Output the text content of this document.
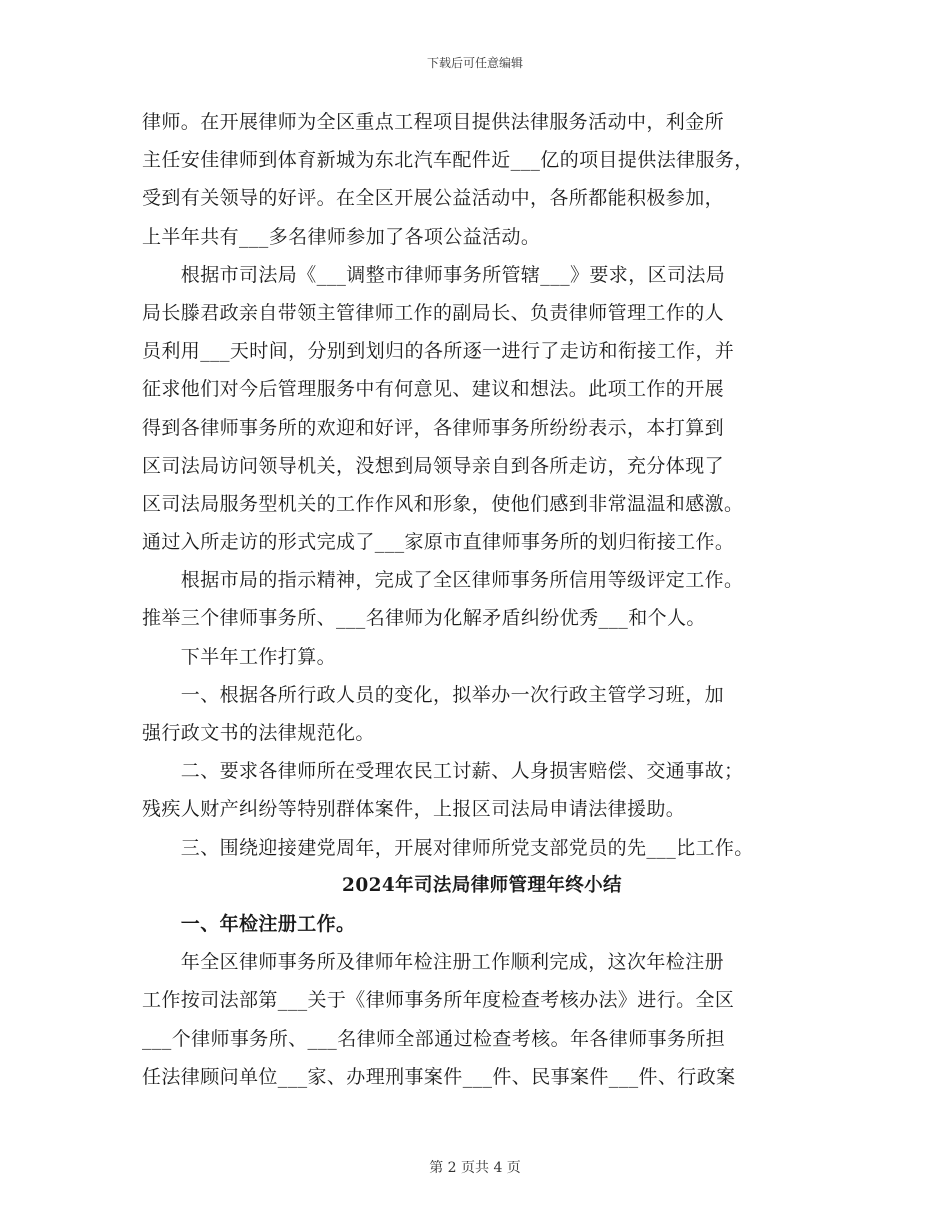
下载后可任意编辑
律师。在开展律师为全区重点工程项目提供法律服务活动中，利金所
主任安佳律师到体育新城为东北汽车配件近___亿的项目提供法律服务，
受到有关领导的好评。在全区开展公益活动中，各所都能积极参加，
上半年共有___多名律师参加了各项公益活动。
　　根据市司法局《___调整市律师事务所管辖___》要求，区司法局
局长滕君政亲自带领主管律师工作的副局长、负责律师管理工作的人
员利用___天时间，分别到划归的各所逐一进行了走访和衔接工作，并
征求他们对今后管理服务中有何意见、建议和想法。此项工作的开展
得到各律师事务所的欢迎和好评，各律师事务所纷纷表示，本打算到
区司法局访问领导机关，没想到局领导亲自到各所走访，充分体现了
区司法局服务型机关的工作作风和形象，使他们感到非常温温和感激。
通过入所走访的形式完成了___家原市直律师事务所的划归衔接工作。
　　根据市局的指示精神，完成了全区律师事务所信用等级评定工作。
推举三个律师事务所、___名律师为化解矛盾纠纷优秀___和个人。
　　下半年工作打算。
　　一、根据各所行政人员的变化，拟举办一次行政主管学习班，加
强行政文书的法律规范化。
　　二、要求各律师所在受理农民工讨薪、人身损害赔偿、交通事故；
残疾人财产纠纷等特别群体案件，上报区司法局申请法律援助。
　　三、围绕迎接建党周年，开展对律师所党支部党员的先___比工作。
2024年司法局律师管理年终小结
　　一、年检注册工作。
　　年全区律师事务所及律师年检注册工作顺利完成，这次年检注册
工作按司法部第___关于《律师事务所年度检查考核办法》进行。全区
___个律师事务所、___名律师全部通过检查考核。年各律师事务所担
任法律顾问单位___家、办理刑事案件___件、民事案件___件、行政案
第 2 页共 4 页
